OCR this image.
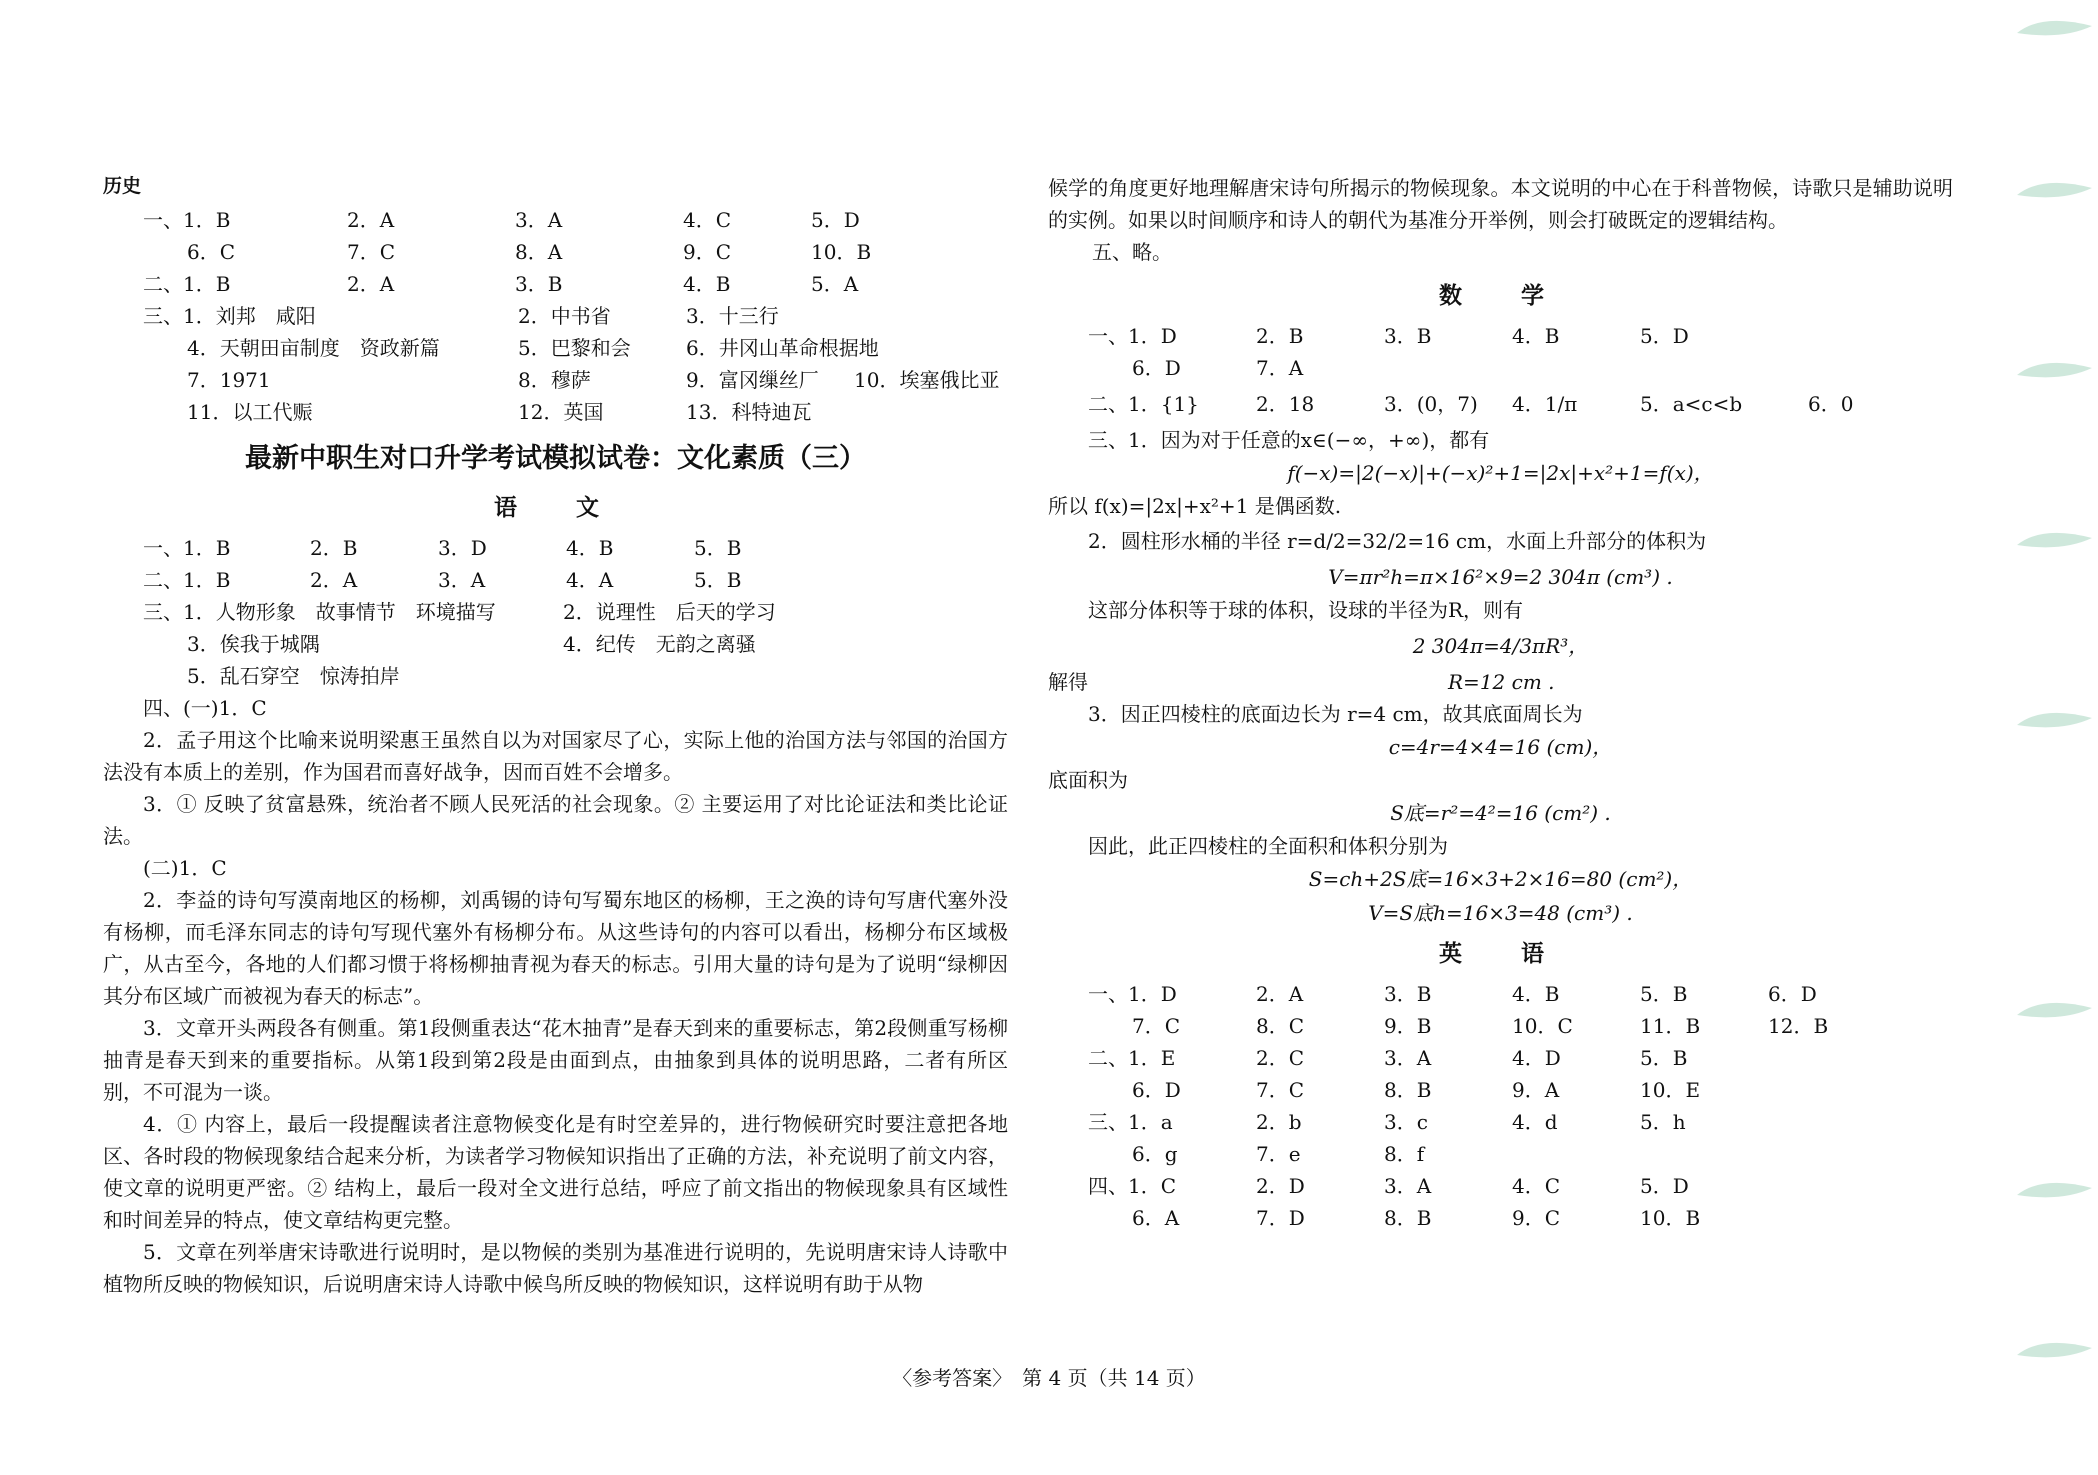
历史
一、1．B	2．A	3．A	4．C	5．D
6．C	7．C	8．A	9．C	10．B
二、1．B	2．A	3．B	4．B	5．A
三、1．刘邦　咸阳	2．中书省	3．十三行
4．天朝田亩制度　资政新篇	5．巴黎和会	6．井冈山革命根据地
7．1971	8．穆萨	9．富冈缫丝厂	10．埃塞俄比亚
11．以工代赈	12．英国	13．科特迪瓦
最新中职生对口升学考试模拟试卷：文化素质（三）
语　文
一、1．B	2．B	3．D	4．B	5．B
二、1．B	2．A	3．A	4．A	5．B
三、1．人物形象　故事情节　环境描写	2．说理性　后天的学习
3．俟我于城隅	4．纪传　无韵之离骚
5．乱石穿空　惊涛拍岸
四、(一)1．C

2．孟子用这个比喻来说明梁惠王虽然自以为对国家尽了心，实际上他的治国方法与邻国的治国方法没有本质上的差别，作为国君而喜好战争，因而百姓不会增多。

3．① 反映了贫富悬殊，统治者不顾人民死活的社会现象。② 主要运用了对比论证法和类比论证法。

(二)1．C

2．李益的诗句写漠南地区的杨柳，刘禹锡的诗句写蜀东地区的杨柳，王之涣的诗句写唐代塞外没有杨柳，而毛泽东同志的诗句写现代塞外有杨柳分布。从这些诗句的内容可以看出，杨柳分布区域极广，从古至今，各地的人们都习惯于将杨柳抽青视为春天的标志。引用大量的诗句是为了说明“绿柳因其分布区域广而被视为春天的标志”。

3．文章开头两段各有侧重。第1段侧重表达“花木抽青”是春天到来的重要标志，第2段侧重写杨柳抽青是春天到来的重要指标。从第1段到第2段是由面到点，由抽象到具体的说明思路，二者有所区别，不可混为一谈。

4．① 内容上，最后一段提醒读者注意物候变化是有时空差异的，进行物候研究时要注意把各地区、各时段的物候现象结合起来分析，为读者学习物候知识指出了正确的方法，补充说明了前文内容，使文章的说明更严密。② 结构上，最后一段对全文进行总结，呼应了前文指出的物候现象具有区域性和时间差异的特点，使文章结构更完整。

5．文章在列举唐宋诗歌进行说明时，是以物候的类别为基准进行说明的，先说明唐宋诗人诗歌中植物所反映的物候知识，后说明唐宋诗人诗歌中候鸟所反映的物候知识，这样说明有助于从物

候学的角度更好地理解唐宋诗句所揭示的物候现象。本文说明的中心在于科普物候，诗歌只是辅助说明的实例。如果以时间顺序和诗人的朝代为基准分开举例，则会打破既定的逻辑结构。

五、略。
数　学
一、1．D	2．B	3．B	4．B	5．D
6．D	7．A
二、1．{1}	2．18	3．(0，7)	4．1/π	5．a<c<b	6．0
三、1．因为对于任意的x∈(−∞，+∞)，都有
f(−x)=|2(−x)|+(−x)²+1=|2x|+x²+1=f(x)，
所以 f(x)=|2x|+x²+1 是偶函数.
2．圆柱形水桶的半径 r=d/2=32/2=16 cm，水面上升部分的体积为
V=πr²h=π×16²×9=2 304π (cm³) .
这部分体积等于球的体积，设球的半径为R，则有
2 304π=4/3πR³，
解得	R=12 cm .
3．因正四棱柱的底面边长为 r=4 cm，故其底面周长为
c=4r=4×4=16 (cm)，
底面积为
S底=r²=4²=16 (cm²) .
因此，此正四棱柱的全面积和体积分别为
S=ch+2S底=16×3+2×16=80 (cm²)，
V=S底h=16×3=48 (cm³) .
英　语
一、1．D	2．A	3．B	4．B	5．B	6．D
7．C	8．C	9．B	10．C	11．B	12．B
二、1．E	2．C	3．A	4．D	5．B
6．D	7．C	8．B	9．A	10．E
三、1．a	2．b	3．c	4．d	5．h
6．g	7．e	8．f
四、1．C	2．D	3．A	4．C	5．D
6．A	7．D	8．B	9．C	10．B
〈参考答案〉　第 4 页（共 14 页）
